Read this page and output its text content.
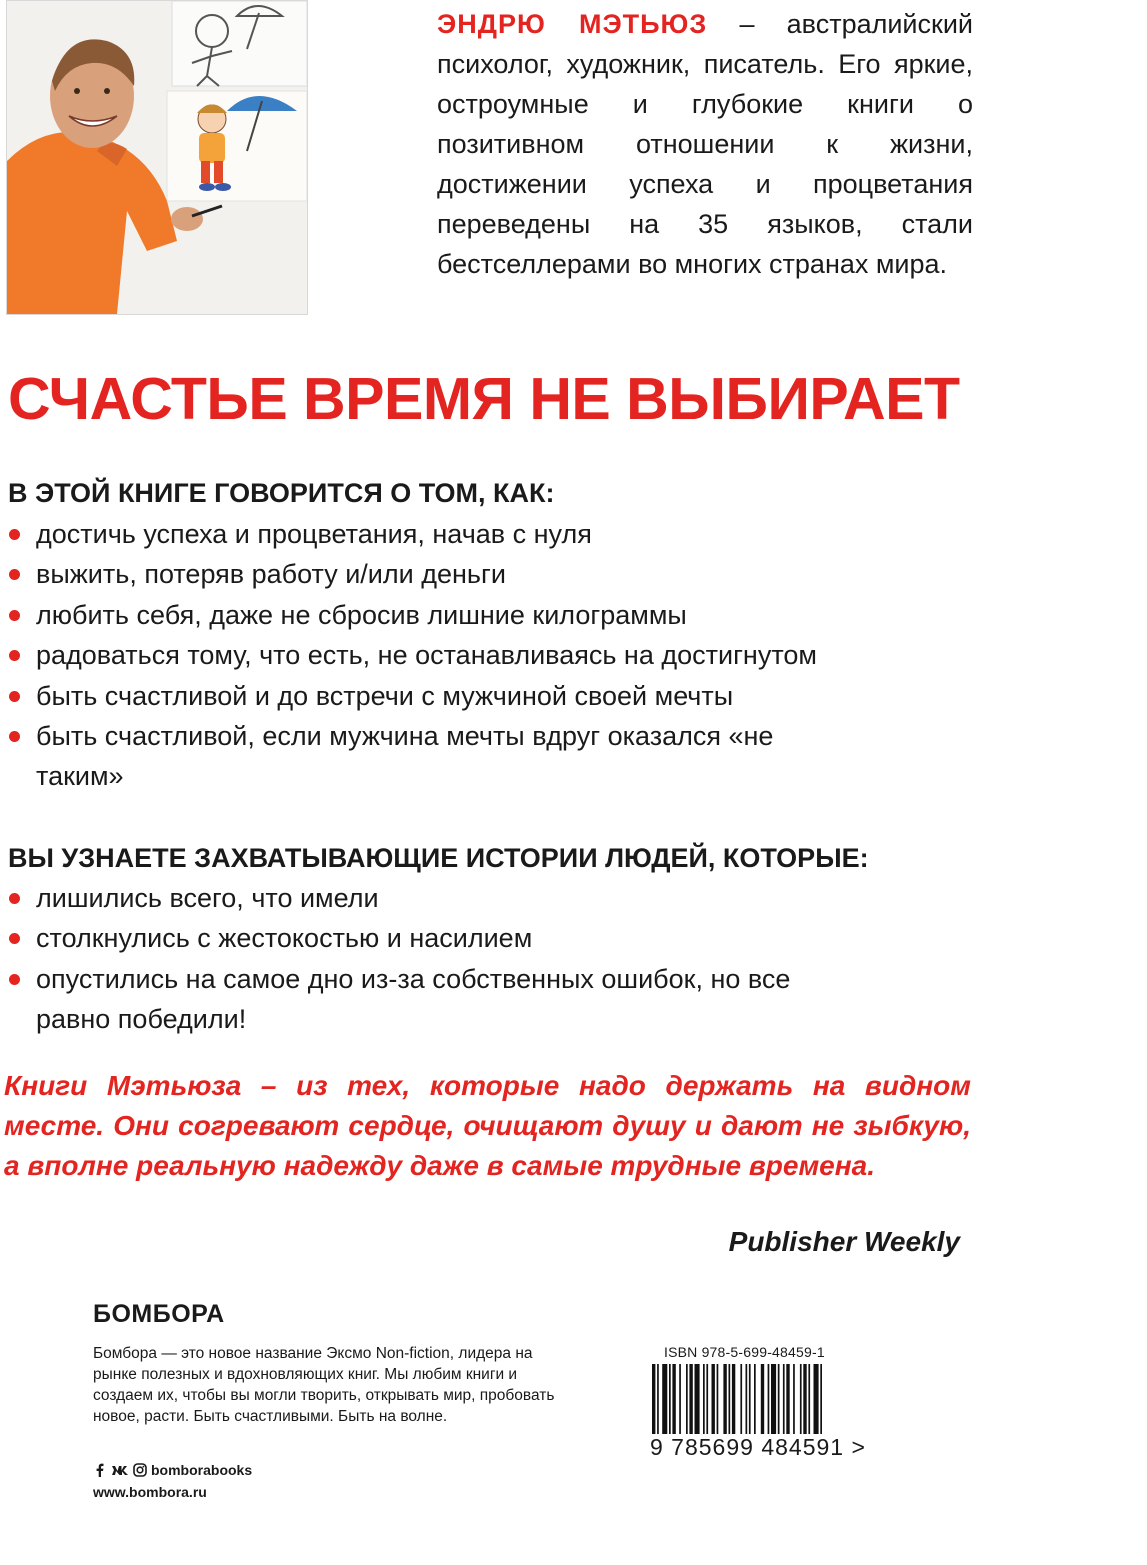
ЭНДРЮ МЭТЬЮЗ – австралийский психолог, художник, писатель. Его яркие, остроумные и глубокие книги о позитивном отношении к жизни, достижении успеха и процветания переведены на 35 языков, стали бестселлерами во многих странах мира.

СЧАСТЬЕ ВРЕМЯ НЕ ВЫБИРАЕТ
В ЭТОЙ КНИГЕ ГОВОРИТСЯ О ТОМ, КАК:
достичь успеха и процветания, начав с нуля
выжить, потеряв работу и/или деньги
любить себя, даже не сбросив лишние килограммы
радоваться тому, что есть, не останавливаясь на достигнутом
быть счастливой и до встречи с мужчиной своей мечты
быть счастливой, если мужчина мечты вдруг оказался «не таким»
ВЫ УЗНАЕТЕ ЗАХВАТЫВАЮЩИЕ ИСТОРИИ ЛЮДЕЙ, КОТОРЫЕ:
лишились всего, что имели
столкнулись с жестокостью и насилием
опустились на самое дно из-за собственных ошибок, но все равно победили!

Книги Мэтьюза – из тех, которые надо держать на видном месте. Они согревают сердце, очищают душу и дают не зыбкую, а вполне реальную надежду даже в самые трудные времена.

Publisher Weekly

БОМБОРА

Бомбора — это новое название Эксмо Non-fiction, лидера на рынке полезных и вдохновляющих книг. Мы любим книги и создаем их, чтобы вы могли творить, открывать мир, пробовать новое, расти. Быть счастливыми. Быть на волне.

bomborabooks
www.bombora.ru
ISBN 978-5-699-48459-1
9 785699 484591 >
